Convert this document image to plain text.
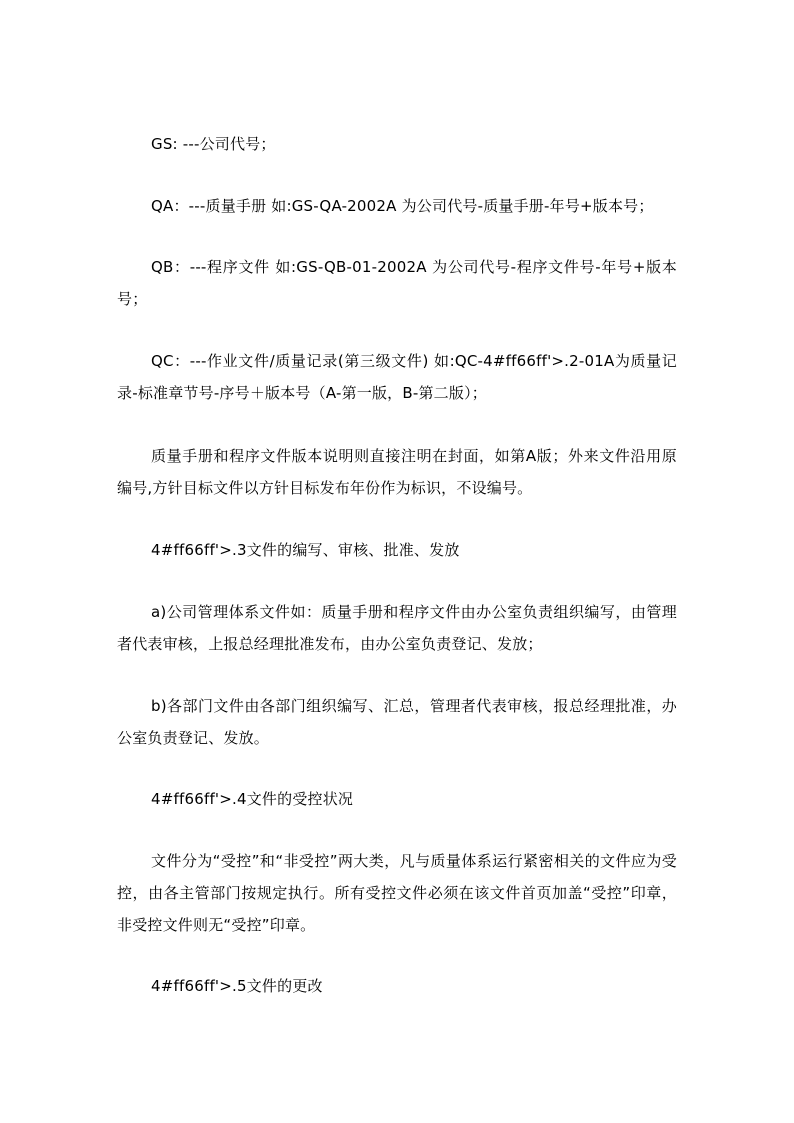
GS: ---公司代号；

QA：---质量手册 如:GS-QA-2002A 为公司代号-质量手册-年号+版本号；

QB：---程序文件 如:GS-QB-01-2002A 为公司代号-程序文件号-年号+版本号；

QC：---作业文件/质量记录(第三级文件) 如:QC-4#ff66ff'>.2-01A为质量记录-标准章节号-序号＋版本号（A-第一版，B-第二版）；

质量手册和程序文件版本说明则直接注明在封面，如第A版；外来文件沿用原编号,方针目标文件以方针目标发布年份作为标识，不设编号。

4#ff66ff'>.3文件的编写、审核、批准、发放

a)公司管理体系文件如：质量手册和程序文件由办公室负责组织编写，由管理者代表审核，上报总经理批准发布，由办公室负责登记、发放；

b)各部门文件由各部门组织编写、汇总，管理者代表审核，报总经理批准，办公室负责登记、发放。

4#ff66ff'>.4文件的受控状况

文件分为“受控”和“非受控”两大类，凡与质量体系运行紧密相关的文件应为受控，由各主管部门按规定执行。所有受控文件必须在该文件首页加盖“受控”印章，非受控文件则无“受控”印章。

4#ff66ff'>.5文件的更改
